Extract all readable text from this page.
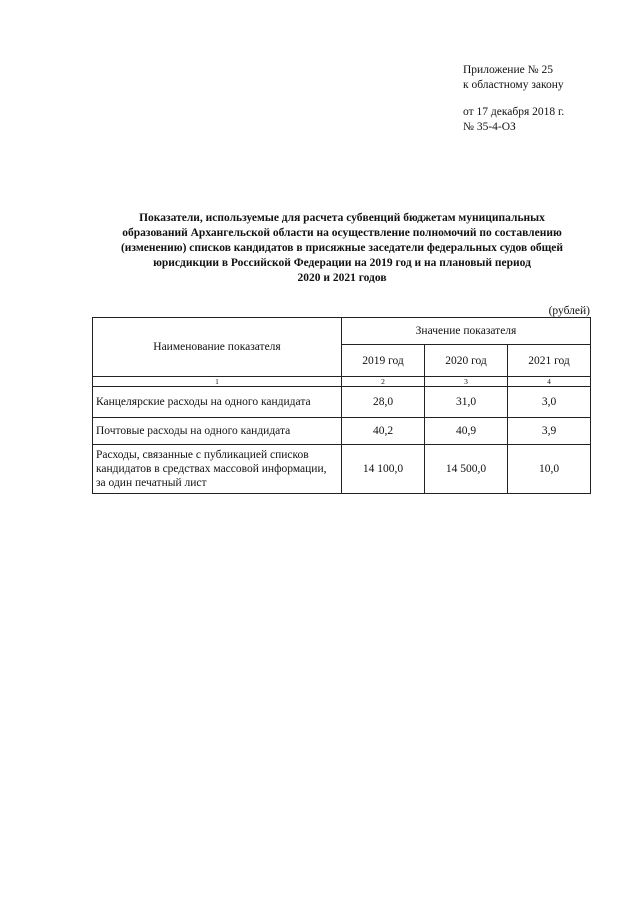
Приложение № 25
к областному закону
от 17 декабря 2018 г.
№ 35-4-ОЗ
Показатели, используемые для расчета субвенций бюджетам муниципальных
образований Архангельской области на осуществление полномочий по составлению
(изменению) списков кандидатов в присяжные заседатели федеральных судов общей
юрисдикции в Российской Федерации на 2019 год и на плановый период
2020 и 2021 годов
(рублей)
Наименование показателя	Значение показателя		
	2019 год	2020 год	2021 год
1	2	3	4
Канцелярские расходы на одного кандидата	28,0	31,0	3,0
Почтовые расходы на одного кандидата	40,2	40,9	3,9
Расходы, связанные с публикацией списков кандидатов в средствах массовой информации, за один печатный лист	14 100,0	14 500,0	10,0
